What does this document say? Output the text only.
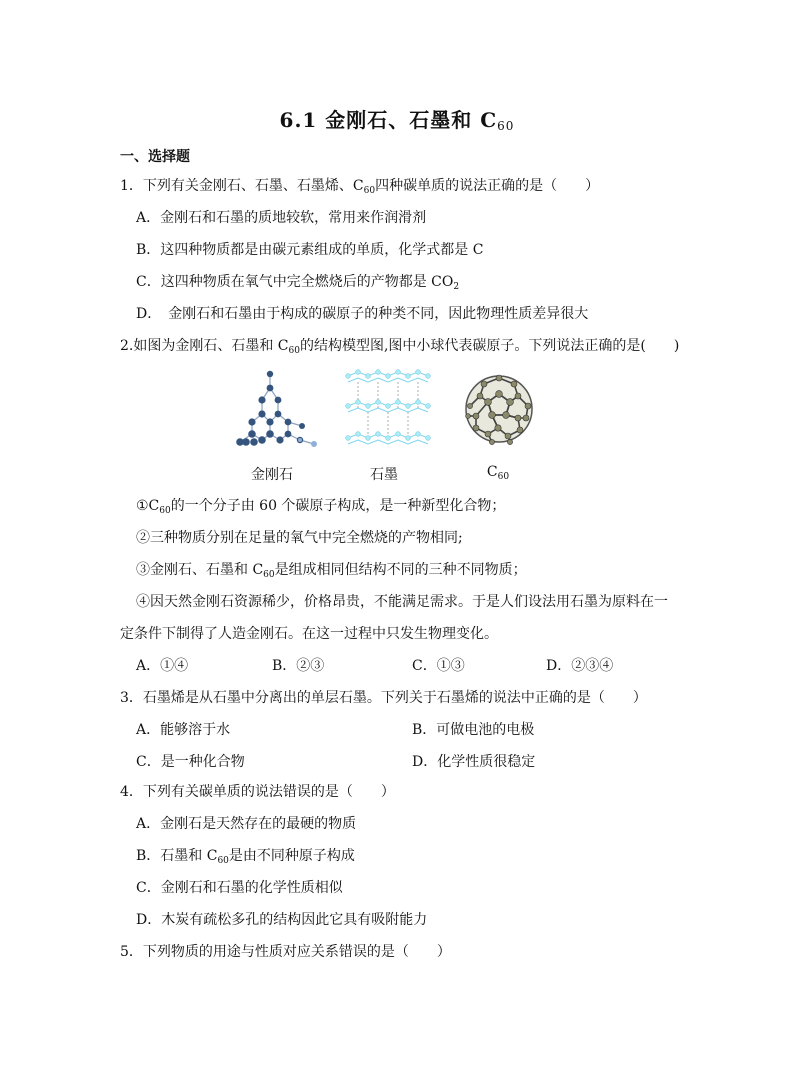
6.1 金刚石、石墨和 $C_{60}$
一、选择题
1．下列有关金刚石、石墨、石墨烯、$C_{60}$四种碳单质的说法正确的是（　　）
A．金刚石和石墨的质地较软，常用来作润滑剂
B．这四种物质都是由碳元素组成的单质，化学式都是 C
C．这四种物质在氧气中完全燃烧后的产物都是 $CO_2$
D．　金刚石和石墨由于构成的碳原子的种类不同，因此物理性质差异很大
2.如图为金刚石、石墨和 $C_{60}$的结构模型图,图中小球代表碳原子。下列说法正确的是(　　)
金刚石	石墨	$C_{60}$
$①C_{60}$的一个分子由 60 个碳原子构成，是一种新型化合物；
②三种物质分别在足量的氧气中完全燃烧的产物相同;
③金刚石、石墨和 $C_{60}$是组成相同但结构不同的三种不同物质；
④因天然金刚石资源稀少，价格昂贵，不能满足需求。于是人们设法用石墨为原料在一
定条件下制得了人造金刚石。在这一过程中只发生物理变化。
A．①④	B．②③	C．①③	D．②③④
3．石墨烯是从石墨中分离出的单层石墨。下列关于石墨烯的说法中正确的是（　　）
A．能够溶于水	B．可做电池的电极
C．是一种化合物	D．化学性质很稳定
4．下列有关碳单质的说法错误的是（　　）
A．金刚石是天然存在的最硬的物质
B．石墨和 $C_{60}$是由不同种原子构成
C．金刚石和石墨的化学性质相似
D．木炭有疏松多孔的结构因此它具有吸附能力
5．下列物质的用途与性质对应关系错误的是（　　）
